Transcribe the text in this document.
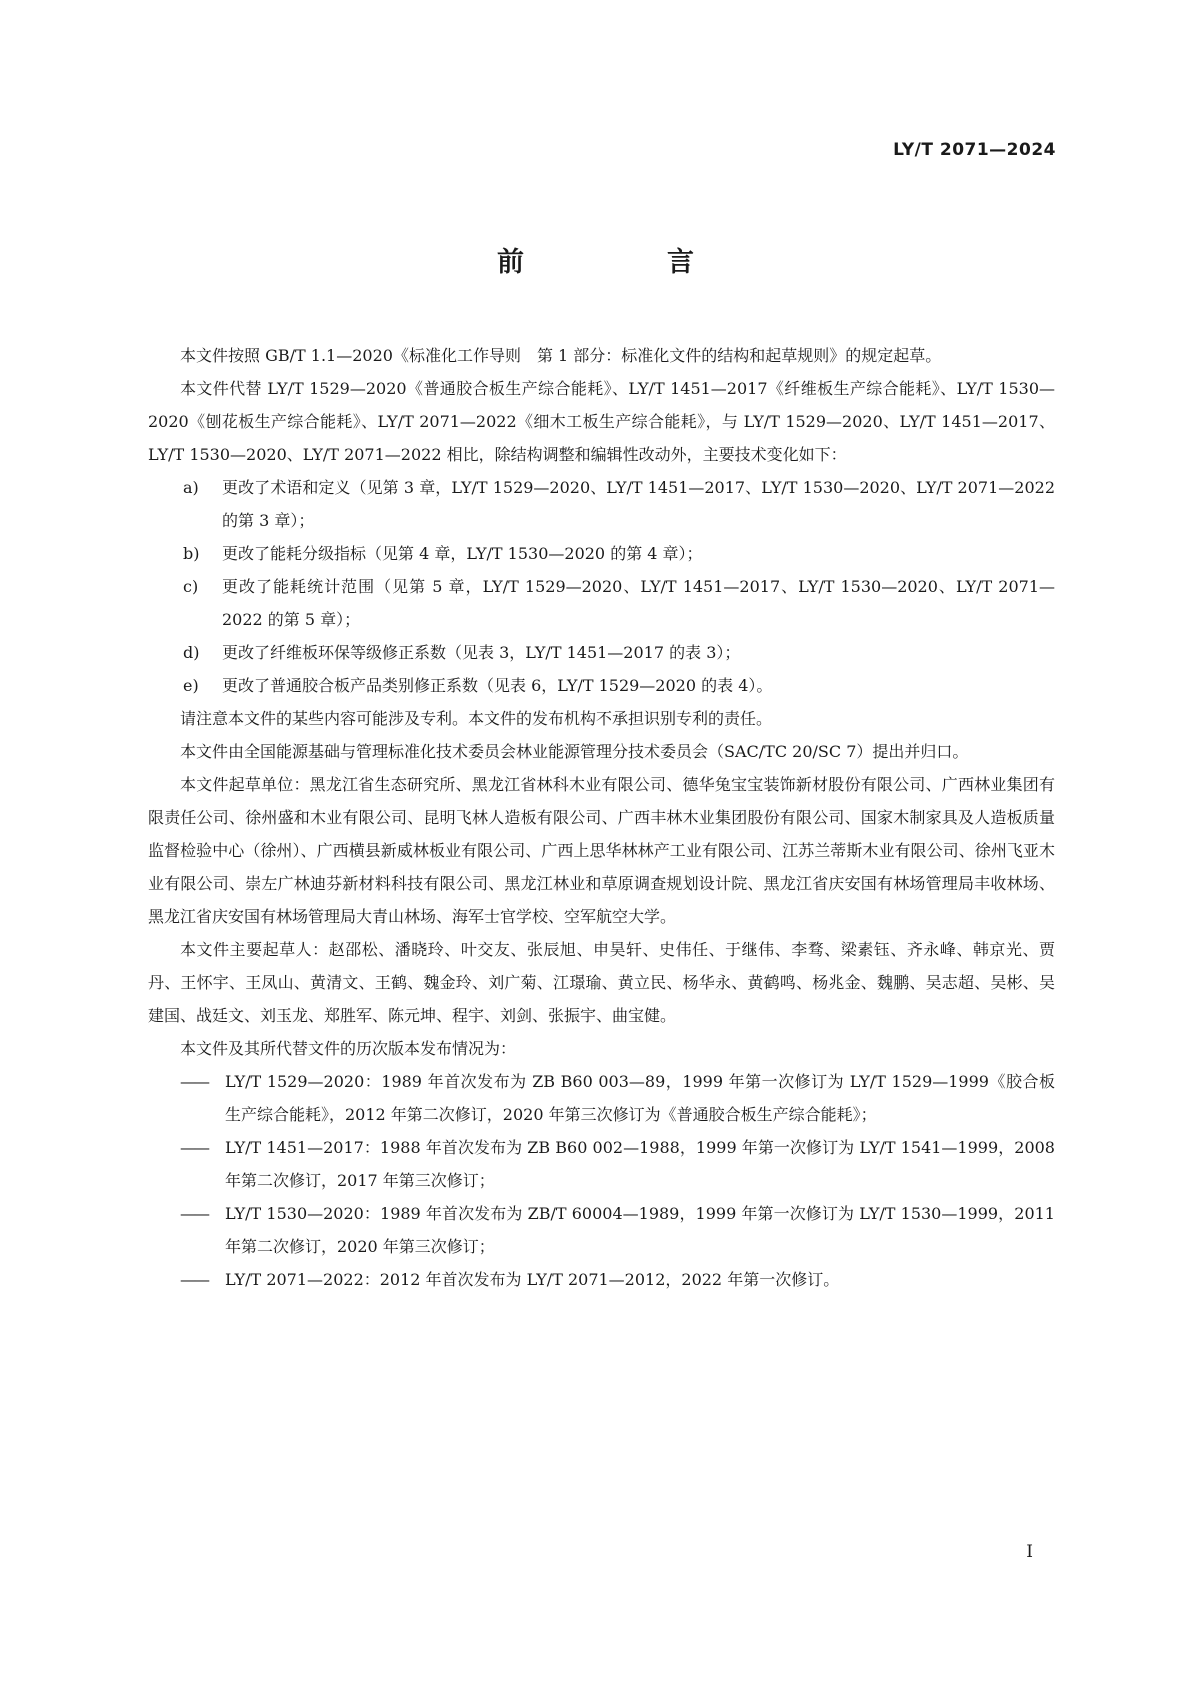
LY/T 2071—2024
前　言

本文件按照 GB/T 1.1—2020《标准化工作导则　第 1 部分：标准化文件的结构和起草规则》的规定起草。

本文件代替 LY/T 1529—2020《普通胶合板生产综合能耗》、LY/T 1451—2017《纤维板生产综合能耗》、LY/T 1530—2020《刨花板生产综合能耗》、LY/T 2071—2022《细木工板生产综合能耗》，与 LY/T 1529—2020、LY/T 1451—2017、LY/T 1530—2020、LY/T 2071—2022 相比，除结构调整和编辑性改动外，主要技术变化如下：

a)	更改了术语和定义（见第 3 章，LY/T 1529—2020、LY/T 1451—2017、LY/T 1530—2020、LY/T 2071—2022 的第 3 章）；
b)	更改了能耗分级指标（见第 4 章，LY/T 1530—2020 的第 4 章）；
c)	更改了能耗统计范围（见第 5 章，LY/T 1529—2020、LY/T 1451—2017、LY/T 1530—2020、LY/T 2071—2022 的第 5 章）；
d)	更改了纤维板环保等级修正系数（见表 3，LY/T 1451—2017 的表 3）；
e)	更改了普通胶合板产品类别修正系数（见表 6，LY/T 1529—2020 的表 4）。

请注意本文件的某些内容可能涉及专利。本文件的发布机构不承担识别专利的责任。

本文件由全国能源基础与管理标准化技术委员会林业能源管理分技术委员会（SAC/TC 20/SC 7）提出并归口。

本文件起草单位：黑龙江省生态研究所、黑龙江省林科木业有限公司、德华兔宝宝装饰新材股份有限公司、广西林业集团有限责任公司、徐州盛和木业有限公司、昆明飞林人造板有限公司、广西丰林木业集团股份有限公司、国家木制家具及人造板质量监督检验中心（徐州）、广西横县新威林板业有限公司、广西上思华林林产工业有限公司、江苏兰蒂斯木业有限公司、徐州飞亚木业有限公司、崇左广林迪芬新材料科技有限公司、黑龙江林业和草原调查规划设计院、黑龙江省庆安国有林场管理局丰收林场、黑龙江省庆安国有林场管理局大青山林场、海军士官学校、空军航空大学。

本文件主要起草人：赵邵松、潘晓玲、叶交友、张辰旭、申昊轩、史伟任、于继伟、李骛、梁素钰、齐永峰、韩京光、贾丹、王怀宇、王凤山、黄清文、王鹤、魏金玲、刘广菊、江璟瑜、黄立民、杨华永、黄鹤鸣、杨兆金、魏鹏、吴志超、吴彬、吴建国、战廷文、刘玉龙、郑胜军、陈元坤、程宇、刘剑、张振宇、曲宝健。

本文件及其所代替文件的历次版本发布情况为：

——	LY/T 1529—2020：1989 年首次发布为 ZB B60 003—89，1999 年第一次修订为 LY/T 1529—1999《胶合板生产综合能耗》，2012 年第二次修订，2020 年第三次修订为《普通胶合板生产综合能耗》；
——	LY/T 1451—2017：1988 年首次发布为 ZB B60 002—1988，1999 年第一次修订为 LY/T 1541—1999，2008 年第二次修订，2017 年第三次修订；
——	LY/T 1530—2020：1989 年首次发布为 ZB/T 60004—1989，1999 年第一次修订为 LY/T 1530—1999，2011 年第二次修订，2020 年第三次修订；
——	LY/T 2071—2022：2012 年首次发布为 LY/T 2071—2012，2022 年第一次修订。
I
